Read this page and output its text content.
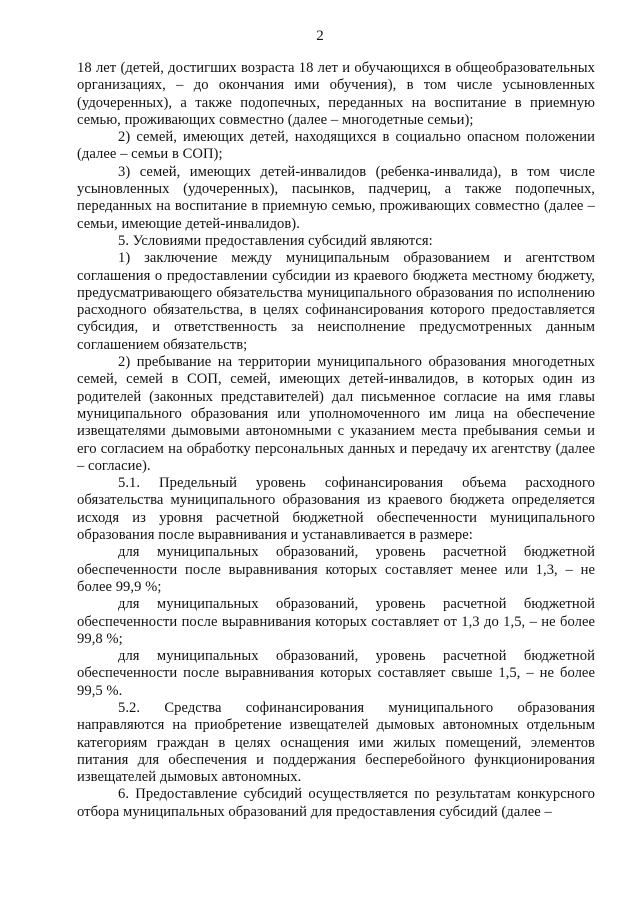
2

18 лет (детей, достигших возраста 18 лет и обучающихся в общеобразовательных организациях, – до окончания ими обучения), в том числе усыновленных (удочеренных), а также подопечных, переданных на воспитание в приемную семью, проживающих совместно (далее – многодетные семьи);

2) семей, имеющих детей, находящихся в социально опасном положении (далее – семьи в СОП);

3) семей, имеющих детей-инвалидов (ребенка-инвалида), в том числе усыновленных (удочеренных), пасынков, падчериц, а также подопечных, переданных на воспитание в приемную семью, проживающих совместно (далее – семьи, имеющие детей-инвалидов).

5. Условиями предоставления субсидий являются:

1) заключение между муниципальным образованием и агентством соглашения о предоставлении субсидии из краевого бюджета местному бюджету, предусматривающего обязательства муниципального образования по исполнению расходного обязательства, в целях софинансирования которого предоставляется субсидия, и ответственность за неисполнение предусмотренных данным соглашением обязательств;

2) пребывание на территории муниципального образования многодетных семей, семей в СОП, семей, имеющих детей-инвалидов, в которых один из родителей (законных представителей) дал письменное согласие на имя главы муниципального образования или уполномоченного им лица на обеспечение извещателями дымовыми автономными с указанием места пребывания семьи и его согласием на обработку персональных данных и передачу их агентству (далее – согласие).

5.1. Предельный уровень софинансирования объема расходного обязательства муниципального образования из краевого бюджета определяется исходя из уровня расчетной бюджетной обеспеченности муниципального образования после выравнивания и устанавливается в размере:

для муниципальных образований, уровень расчетной бюджетной обеспеченности после выравнивания которых составляет менее или 1,3, – не более 99,9 %;

для муниципальных образований, уровень расчетной бюджетной обеспеченности после выравнивания которых составляет от 1,3 до 1,5, – не более 99,8 %;

для муниципальных образований, уровень расчетной бюджетной обеспеченности после выравнивания которых составляет свыше 1,5, – не более 99,5 %.

5.2. Средства софинансирования муниципального образования направляются на приобретение извещателей дымовых автономных отдельным категориям граждан в целях оснащения ими жилых помещений, элементов питания для обеспечения и поддержания бесперебойного функционирования извещателей дымовых автономных.

6. Предоставление субсидий осуществляется по результатам конкурсного отбора муниципальных образований для предоставления субсидий (далее –
